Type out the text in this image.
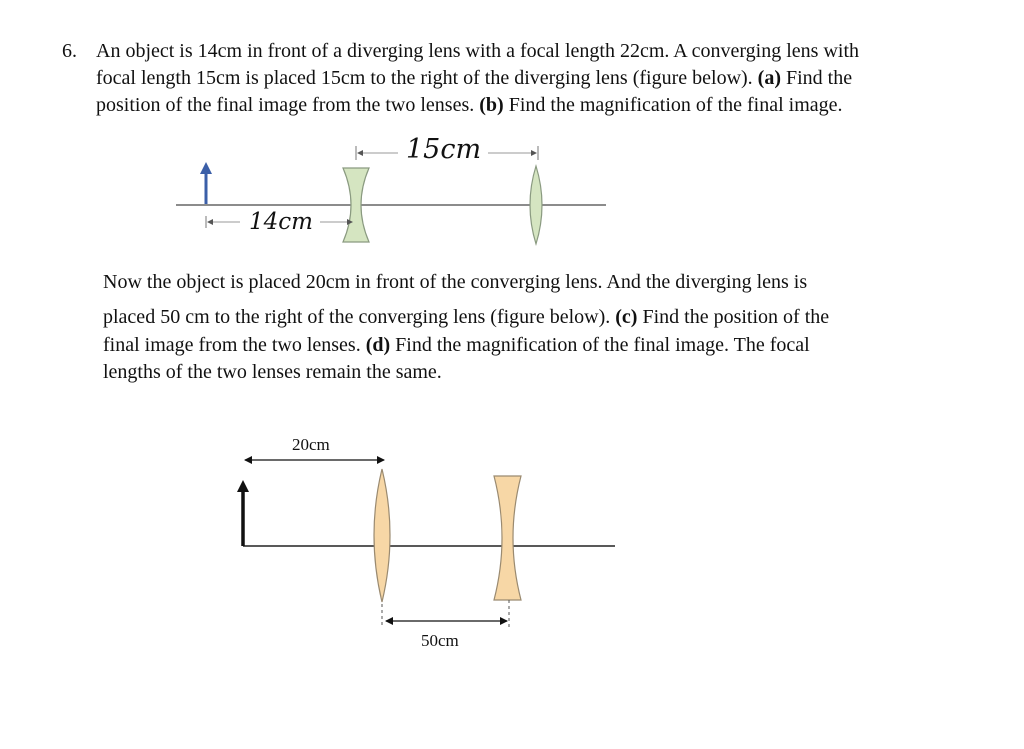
6. An object is 14cm in front of a diverging lens with a focal length 22cm. A converging lens with
focal length 15cm is placed 15cm to the right of the diverging lens (figure below). (a) Find the
position of the final image from the two lenses. (b) Find the magnification of the final image.
Now the object is placed 20cm in front of the converging lens. And the diverging lens is
placed 50 cm to the right of the converging lens (figure below). (c) Find the position of the
final image from the two lenses. (d) Find the magnification of the final image. The focal
lengths of the two lenses remain the same.
15cm
14cm
20cm
50cm
